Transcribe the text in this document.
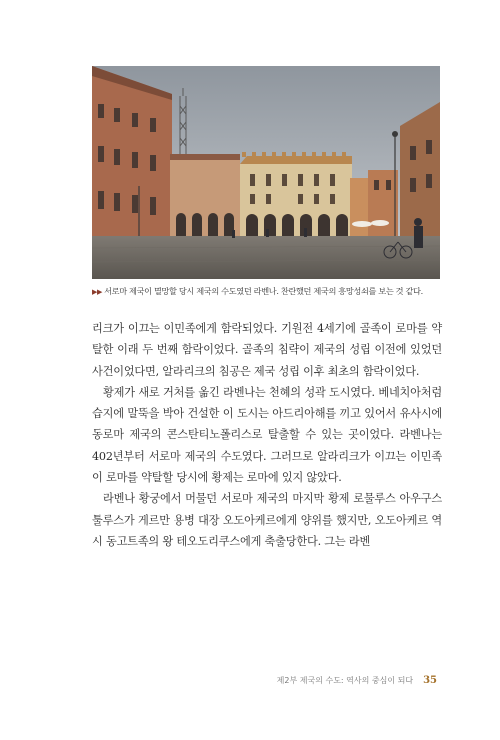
▶▶ 서로마 제국이 멸망할 당시 제국의 수도였던 라벤나. 찬란했던 제국의 흥망성쇠를 보는 것 같다.

리크가 이끄는 이민족에게 함락되었다. 기원전 4세기에 골족이 로마를 약탈한 이래 두 번째 함락이었다. 골족의 침략이 제국의 성립 이전에 있었던 사건이었다면, 알라리크의 침공은 제국 성립 이후 최초의 함락이었다.

황제가 새로 거처를 옮긴 라벤나는 천혜의 성곽 도시였다. 베네치아처럼 습지에 말뚝을 박아 건설한 이 도시는 아드리아해를 끼고 있어서 유사시에 동로마 제국의 콘스탄티노폴리스로 탈출할 수 있는 곳이었다. 라벤나는 402년부터 서로마 제국의 수도였다. 그러므로 알라리크가 이끄는 이민족이 로마를 약탈할 당시에 황제는 로마에 있지 않았다.

라벤나 황궁에서 머물던 서로마 제국의 마지막 황제 로물루스 아우구스툴루스가 게르만 용병 대장 오도아케르에게 양위를 했지만, 오도아케르 역시 동고트족의 왕 테오도리쿠스에게 축출당한다. 그는 라벤

제2부 제국의 수도: 역사의 중심이 되다 35
